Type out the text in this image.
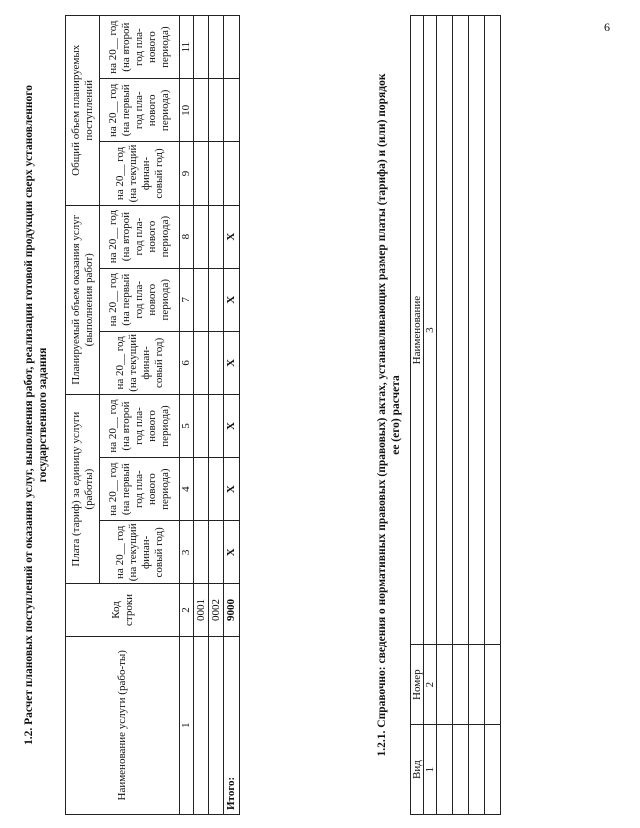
6
1.2. Расчет плановых поступлений от оказания услуг, выполнения работ, реализации готовой продукции сверх установленного государственного задания
Наименование услуги (рабо-ты)	Код строки	Плата (тариф) за единицу услуги (работы)			Планируемый объем оказания услуг (выполнения работ)			Общий объем планируемых поступлений		
		на 20__ год (на текущий финан-совый год)	на 20__ год (на первый год пла-нового периода)	на 20__ год (на второй год пла-нового периода)	на 20__ год (на текущий финан-совый год)	на 20__ год (на первый год пла-нового периода)	на 20__ год (на второй год пла-нового периода)	на 20__ год (на текущий финан-совый год)	на 20__ год (на первый год пла-нового периода)	на 20__ год (на второй год пла-нового периода)
1	2	3	4	5	6	7	8	9	10	11
	0001									
	0002									
Итого:	9000	X	X	X	X	X	X				1.2.1. Справочно: сведения о нормативных правовых (правовых) актах, устанавливающих размер платы (тарифа) и (или) порядок ее (его) расчета
Вид	Номер	Наименование
1	2	3
